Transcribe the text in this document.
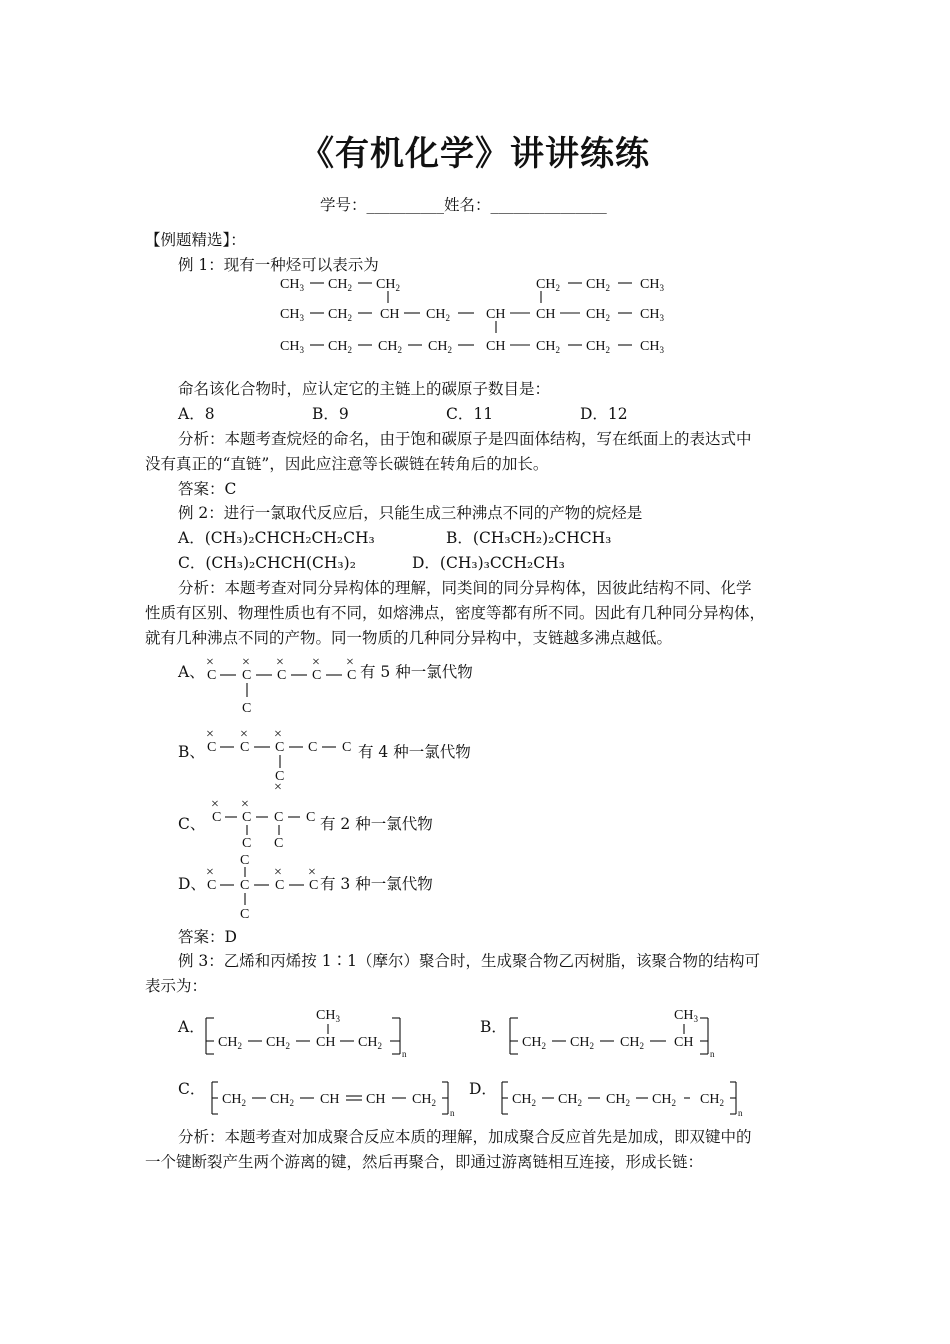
《有机化学》讲讲练练
学号：__________姓名：_______________
【例题精选】：
例 1：现有一种烃可以表示为
$CH_3$ $CH_2$ $CH_2$	$CH_2$ $CH_2$ $CH_3$
$CH_3$ $CH_2$ CH $CH_2$	CH CH $CH_2$ $CH_3$
$CH_3$ $CH_2$ $CH_2$ $CH_2$ CH $CH_2$ $CH_2$ $CH_3$
命名该化合物时，应认定它的主链上的碳原子数目是：
A．8	B．9	C．11	D．12
分析：本题考查烷烃的命名，由于饱和碳原子是四面体结构，写在纸面上的表达式中
没有真正的“直链”，因此应注意等长碳链在转角后的加长。
答案：C
例 2：进行一氯取代反应后，只能生成三种沸点不同的产物的烷烃是
A．(CH₃)₂CHCH₂CH₂CH₃	B．(CH₃CH₂)₂CHCH₃
C．(CH₃)₂CHCH(CH₃)₂	D．(CH₃)₃CCH₂CH₃
分析：本题考查对同分异构体的理解，同类间的同分异构体，因彼此结构不同、化学
性质有区别、物理性质也有不同，如熔沸点，密度等都有所不同。因此有几种同分异构体，
就有几种沸点不同的产物。同一物质的几种同分异构中，支链越多沸点越低。
A、
× × × × ×
C C C C C
C
有 5 种一氯代物
B、
× × ×
C C C C C
C
×
有 4 种一氯代物
C、
× ×
C C C C
C C
有 2 种一氯代物
D、
C
×	× ×
C C C C
C
有 3 种一氯代物
答案：D
例 3：乙烯和丙烯按 1∶1（摩尔）聚合时，生成聚合物乙丙树脂，该聚合物的结构可
表示为：
A．
$CH_2$ $CH_2$ CH $CH_2$
$CH_3$
n
B．
$CH_2$ $CH_2$ $CH_2$ CH
$CH_3$
n
C．
$CH_2$ $CH_2$ CH CH $CH_2$
n
D．
$CH_2$ $CH_2$ $CH_2$ $CH_2$ $CH_2$
n
分析：本题考查对加成聚合反应本质的理解，加成聚合反应首先是加成，即双键中的
一个键断裂产生两个游离的键，然后再聚合，即通过游离链相互连接，形成长链：
